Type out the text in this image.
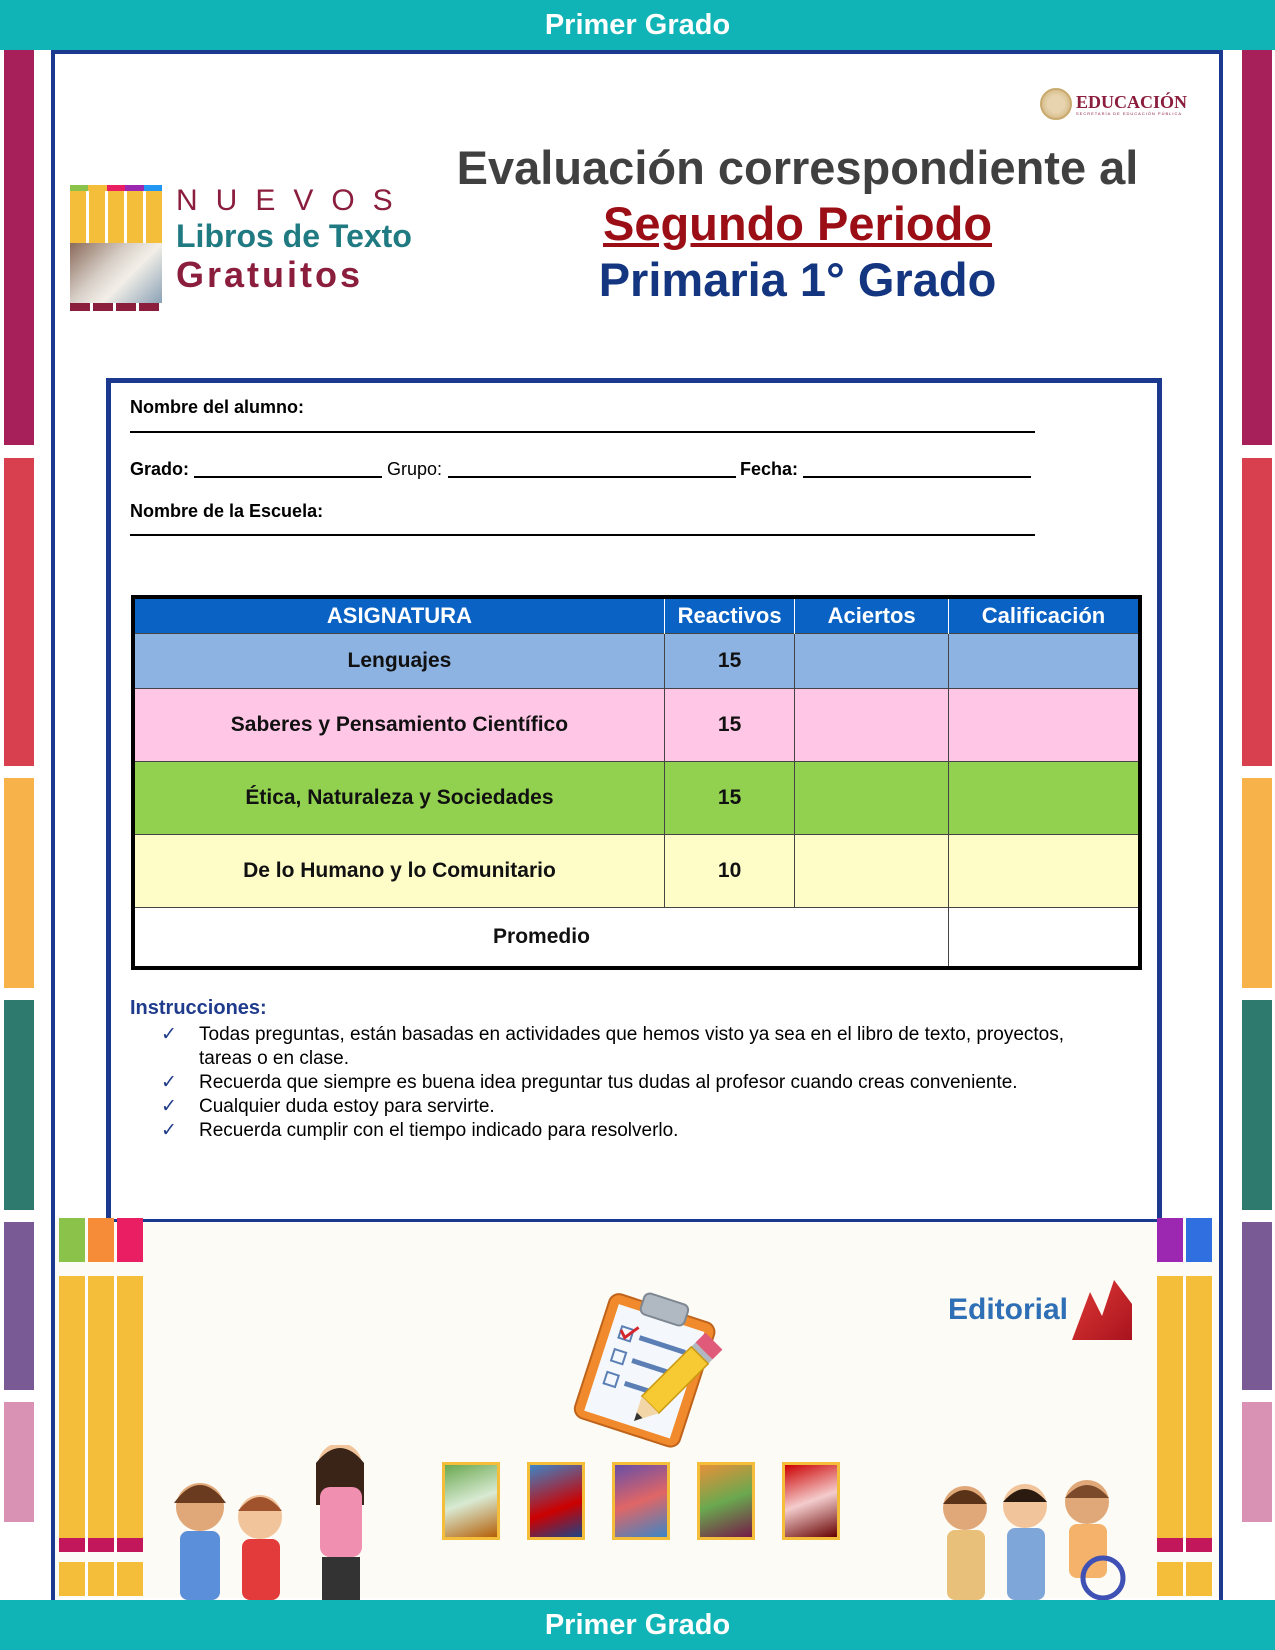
Primer Grado
NUEVOS
Libros de Texto
Gratuitos
EDUCACIÓN
SECRETARÍA DE EDUCACIÓN PÚBLICA
Evaluación correspondiente al
Segundo Periodo
Primaria 1° Grado
Nombre del alumno:
Grado:	Grupo:	Fecha:
Nombre de la Escuela:
ASIGNATURA	Reactivos	Aciertos	Calificación
Lenguajes	15		
Saberes y Pensamiento Científico	15		
Ética, Naturaleza y Sociedades	15		
De lo Humano y lo Comunitario	10		
Promedio			
Instrucciones:
✓ Todas preguntas, están basadas en actividades que hemos visto ya sea en el libro de texto, proyectos, tareas o en clase.
✓ Recuerda que siempre es buena idea preguntar tus dudas al profesor cuando creas conveniente.
✓ Cualquier duda estoy para servirte.
✓ Recuerda cumplir con el tiempo indicado para resolverlo.
Editorial
Primer Grado
